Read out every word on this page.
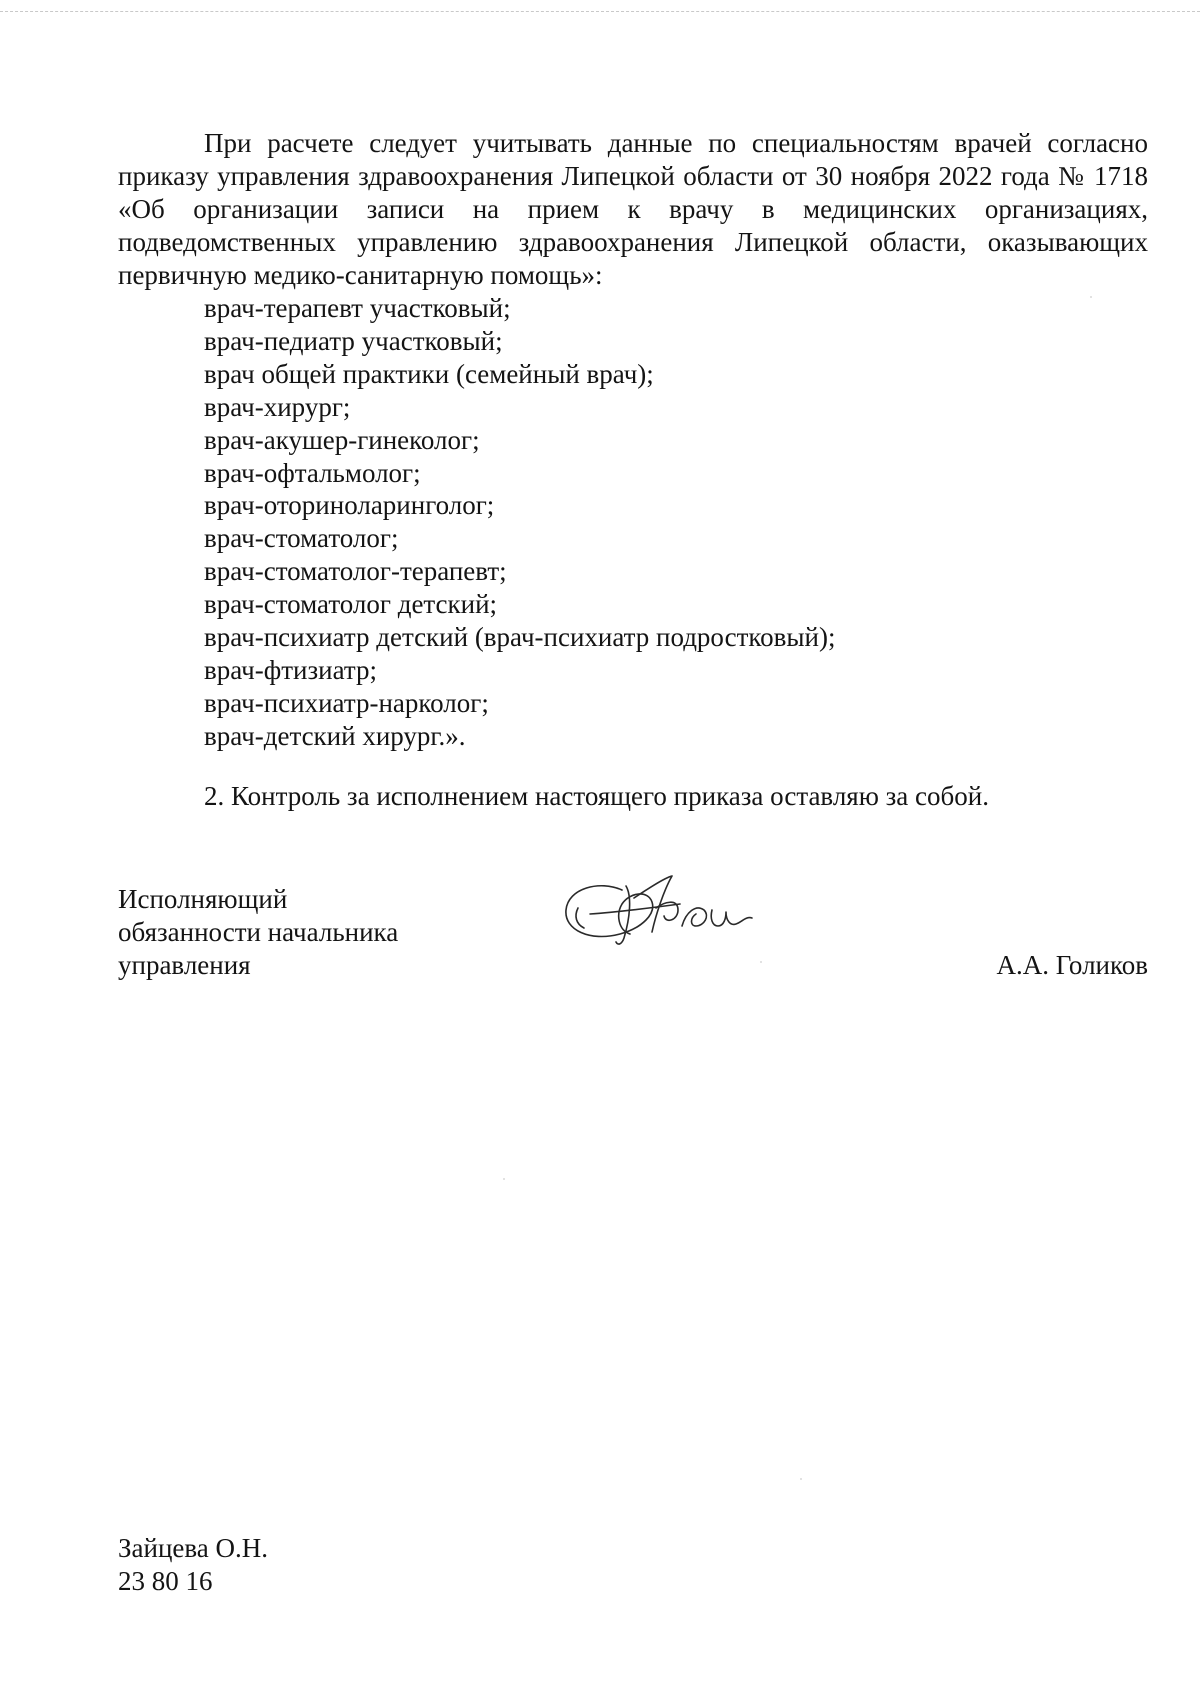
При расчете следует учитывать данные по специальностям врачей согласно приказу управления здравоохранения Липецкой области от 30 ноября 2022 года № 1718 «Об организации записи на прием к врачу в медицинских организациях, подведомственных управлению здравоохранения Липецкой области, оказывающих первичную медико-санитарную помощь»:

врач-терапевт участковый;
врач-педиатр участковый;
врач общей практики (семейный врач);
врач-хирург;
врач-акушер-гинеколог;
врач-офтальмолог;
врач-оториноларинголог;
врач-стоматолог;
врач-стоматолог-терапевт;
врач-стоматолог детский;
врач-психиатр детский (врач-психиатр подростковый);
врач-фтизиатр;
врач-психиатр-нарколог;
врач-детский хирург.».

2. Контроль за исполнением настоящего приказа оставляю за собой.

Исполняющий
обязанности начальника
управления	А.А. Голиков

Зайцева О.Н.
23 80 16
